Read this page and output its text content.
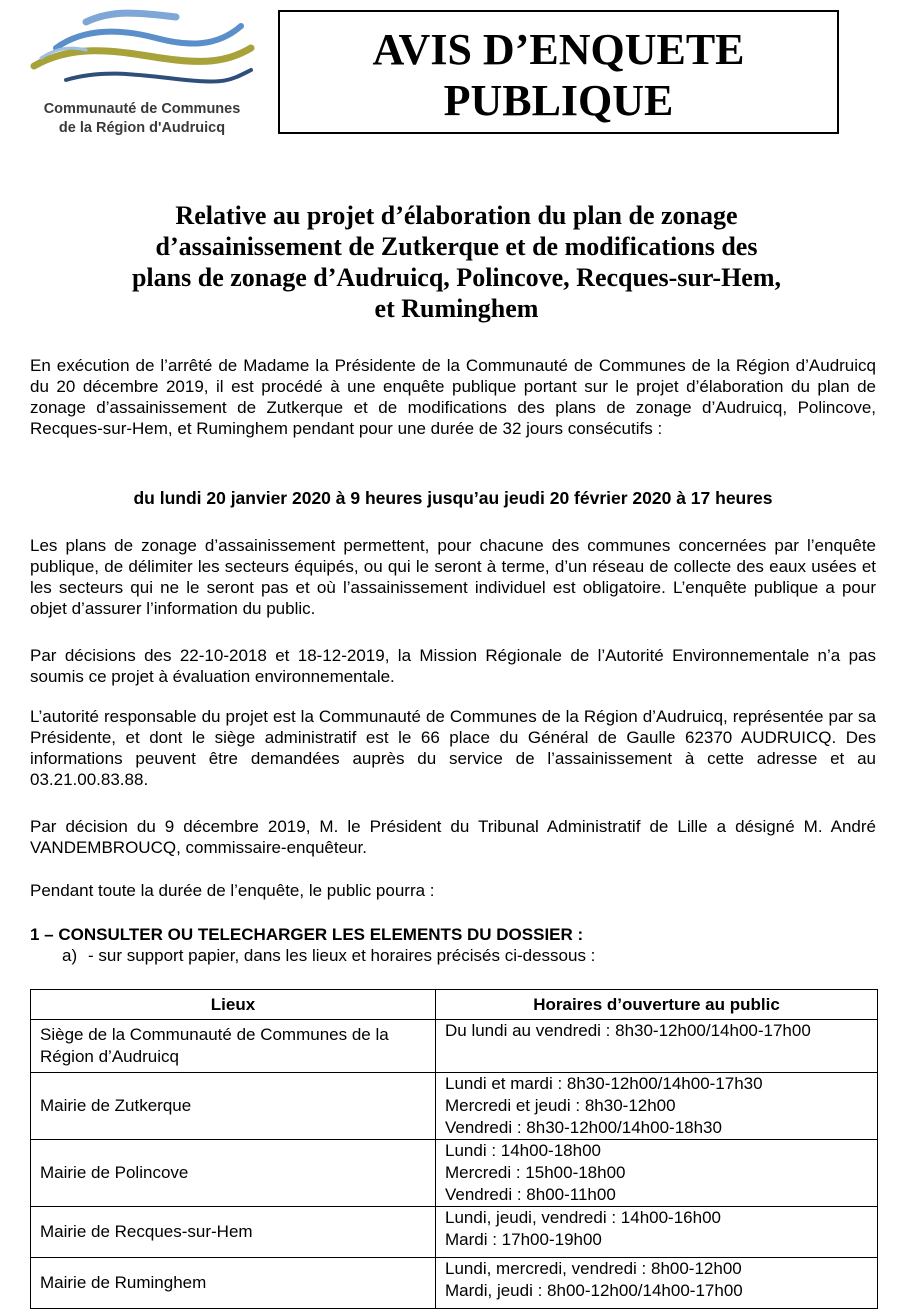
Communauté de Communes
de la Région d'Audruicq
AVIS D’ENQUETE
PUBLIQUE
Relative au projet d’élaboration du plan de zonage
d’assainissement de Zutkerque et de modifications des
plans de zonage d’Audruicq, Polincove, Recques-sur-Hem,
et Ruminghem
En exécution de l’arrêté de Madame la Présidente de la Communauté de Communes de la Région d’Audruicq du 20 décembre 2019, il est procédé à une enquête publique portant sur le projet d’élaboration du plan de zonage d’assainissement de Zutkerque et de modifications des plans de zonage d’Audruicq, Polincove, Recques-sur-Hem, et Ruminghem pendant pour une durée de 32 jours consécutifs :
du lundi 20 janvier 2020 à 9 heures jusqu’au jeudi 20 février 2020 à 17 heures
Les plans de zonage d’assainissement permettent, pour chacune des communes concernées par l’enquête publique, de délimiter les secteurs équipés, ou qui le seront à terme, d’un réseau de collecte des eaux usées et les secteurs qui ne le seront pas et où l’assainissement individuel est obligatoire. L’enquête publique a pour objet d’assurer l’information du public.
Par décisions des 22-10-2018 et 18-12-2019, la Mission Régionale de l’Autorité Environnementale n’a pas soumis ce projet à évaluation environnementale.
L’autorité responsable du projet est la Communauté de Communes de la Région d’Audruicq, représentée par sa Présidente, et dont le siège administratif est le 66 place du Général de Gaulle 62370 AUDRUICQ. Des informations peuvent être demandées auprès du service de l’assainissement à cette adresse et au 03.21.00.83.88.
Par décision du 9 décembre 2019, M. le Président du Tribunal Administratif de Lille a désigné M. André VANDEMBROUCQ, commissaire-enquêteur.
Pendant toute la durée de l’enquête, le public pourra :
1 – CONSULTER OU TELECHARGER LES ELEMENTS DU DOSSIER :
a) - sur support papier, dans les lieux et horaires précisés ci-dessous :
Lieux	Horaires d’ouverture au public
Siège de la Communauté de Communes de la Région d’Audruicq	Du lundi au vendredi : 8h30-12h00/14h00-17h00

Mairie de Zutkerque	Lundi et mardi : 8h30-12h00/14h00-17h30
Mercredi et jeudi : 8h30-12h00
Vendredi : 8h30-12h00/14h00-18h30

Mairie de Polincove	Lundi : 14h00-18h00
Mercredi : 15h00-18h00
Vendredi : 8h00-11h00

Mairie de Recques-sur-Hem	Lundi, jeudi, vendredi : 14h00-16h00
Mardi : 17h00-19h00

Mairie de Ruminghem	Lundi, mercredi, vendredi : 8h00-12h00
Mardi, jeudi : 8h00-12h00/14h00-17h00
